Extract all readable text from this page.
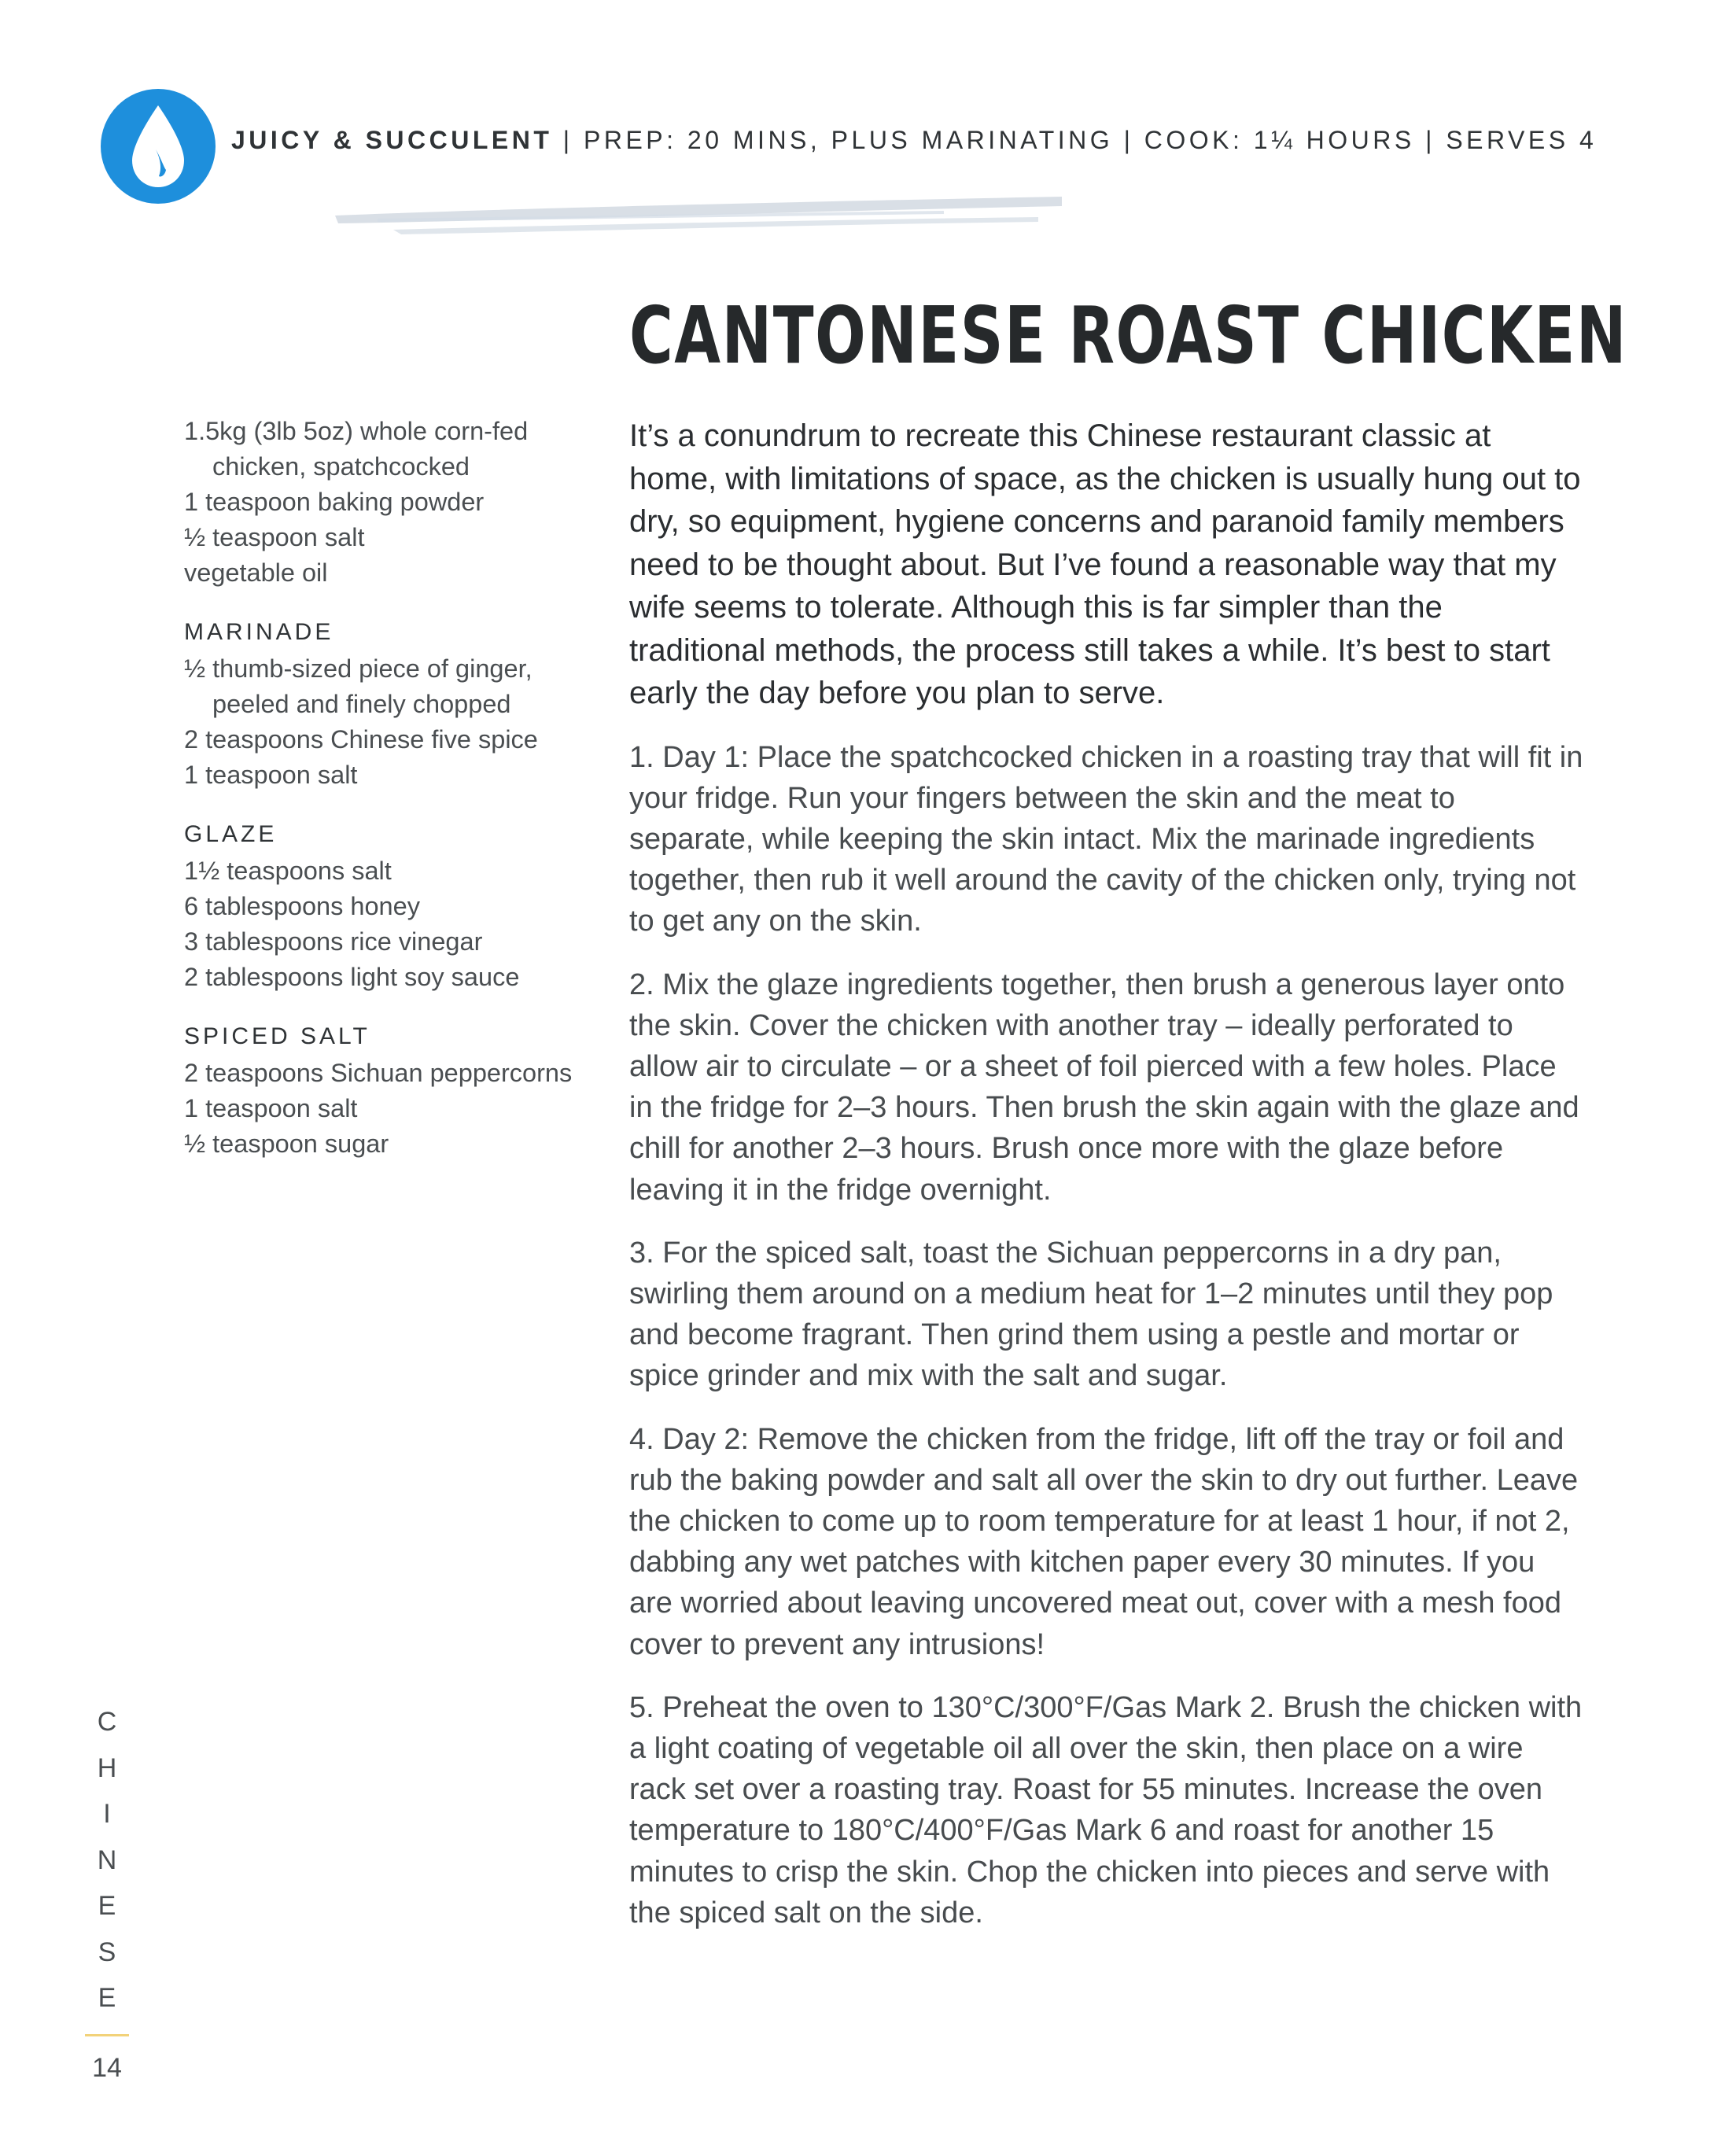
JUICY & SUCCULENT | PREP: 20 MINS, PLUS MARINATING | COOK: 1¼ HOURS | SERVES 4
CANTONESE ROAST CHICKEN
1.5kg (3lb 5oz) whole corn-fed chicken, spatchcocked
1 teaspoon baking powder
½ teaspoon salt
vegetable oil
MARINADE
½ thumb-sized piece of ginger, peeled and finely chopped
2 teaspoons Chinese five spice
1 teaspoon salt
GLAZE
1½ teaspoons salt
6 tablespoons honey
3 tablespoons rice vinegar
2 tablespoons light soy sauce
SPICED SALT
2 teaspoons Sichuan peppercorns
1 teaspoon salt
½ teaspoon sugar

It’s a conundrum to recreate this Chinese restaurant classic at home, with limitations of space, as the chicken is usually hung out to dry, so equipment, hygiene concerns and paranoid family members need to be thought about. But I’ve found a reasonable way that my wife seems to tolerate. Although this is far simpler than the traditional methods, the process still takes a while. It’s best to start early the day before you plan to serve.

1. Day 1: Place the spatchcocked chicken in a roasting tray that will fit in your fridge. Run your fingers between the skin and the meat to separate, while keeping the skin intact. Mix the marinade ingredients together, then rub it well around the cavity of the chicken only, trying not to get any on the skin.

2. Mix the glaze ingredients together, then brush a generous layer onto the skin. Cover the chicken with another tray – ideally perforated to allow air to circulate – or a sheet of foil pierced with a few holes. Place in the fridge for 2–3 hours. Then brush the skin again with the glaze and chill for another 2–3 hours. Brush once more with the glaze before leaving it in the fridge overnight.

3. For the spiced salt, toast the Sichuan peppercorns in a dry pan, swirling them around on a medium heat for 1–2 minutes until they pop and become fragrant. Then grind them using a pestle and mortar or spice grinder and mix with the salt and sugar.

4. Day 2: Remove the chicken from the fridge, lift off the tray or foil and rub the baking powder and salt all over the skin to dry out further. Leave the chicken to come up to room temperature for at least 1 hour, if not 2, dabbing any wet patches with kitchen paper every 30 minutes. If you are worried about leaving uncovered meat out, cover with a mesh food cover to prevent any intrusions!

5. Preheat the oven to 130°C/300°F/Gas Mark 2. Brush the chicken with a light coating of vegetable oil all over the skin, then place on a wire rack set over a roasting tray. Roast for 55 minutes. Increase the oven temperature to 180°C/400°F/Gas Mark 6 and roast for another 15 minutes to crisp the skin. Chop the chicken into pieces and serve with the spiced salt on the side.

C
H
I
N
E
S
E
14
